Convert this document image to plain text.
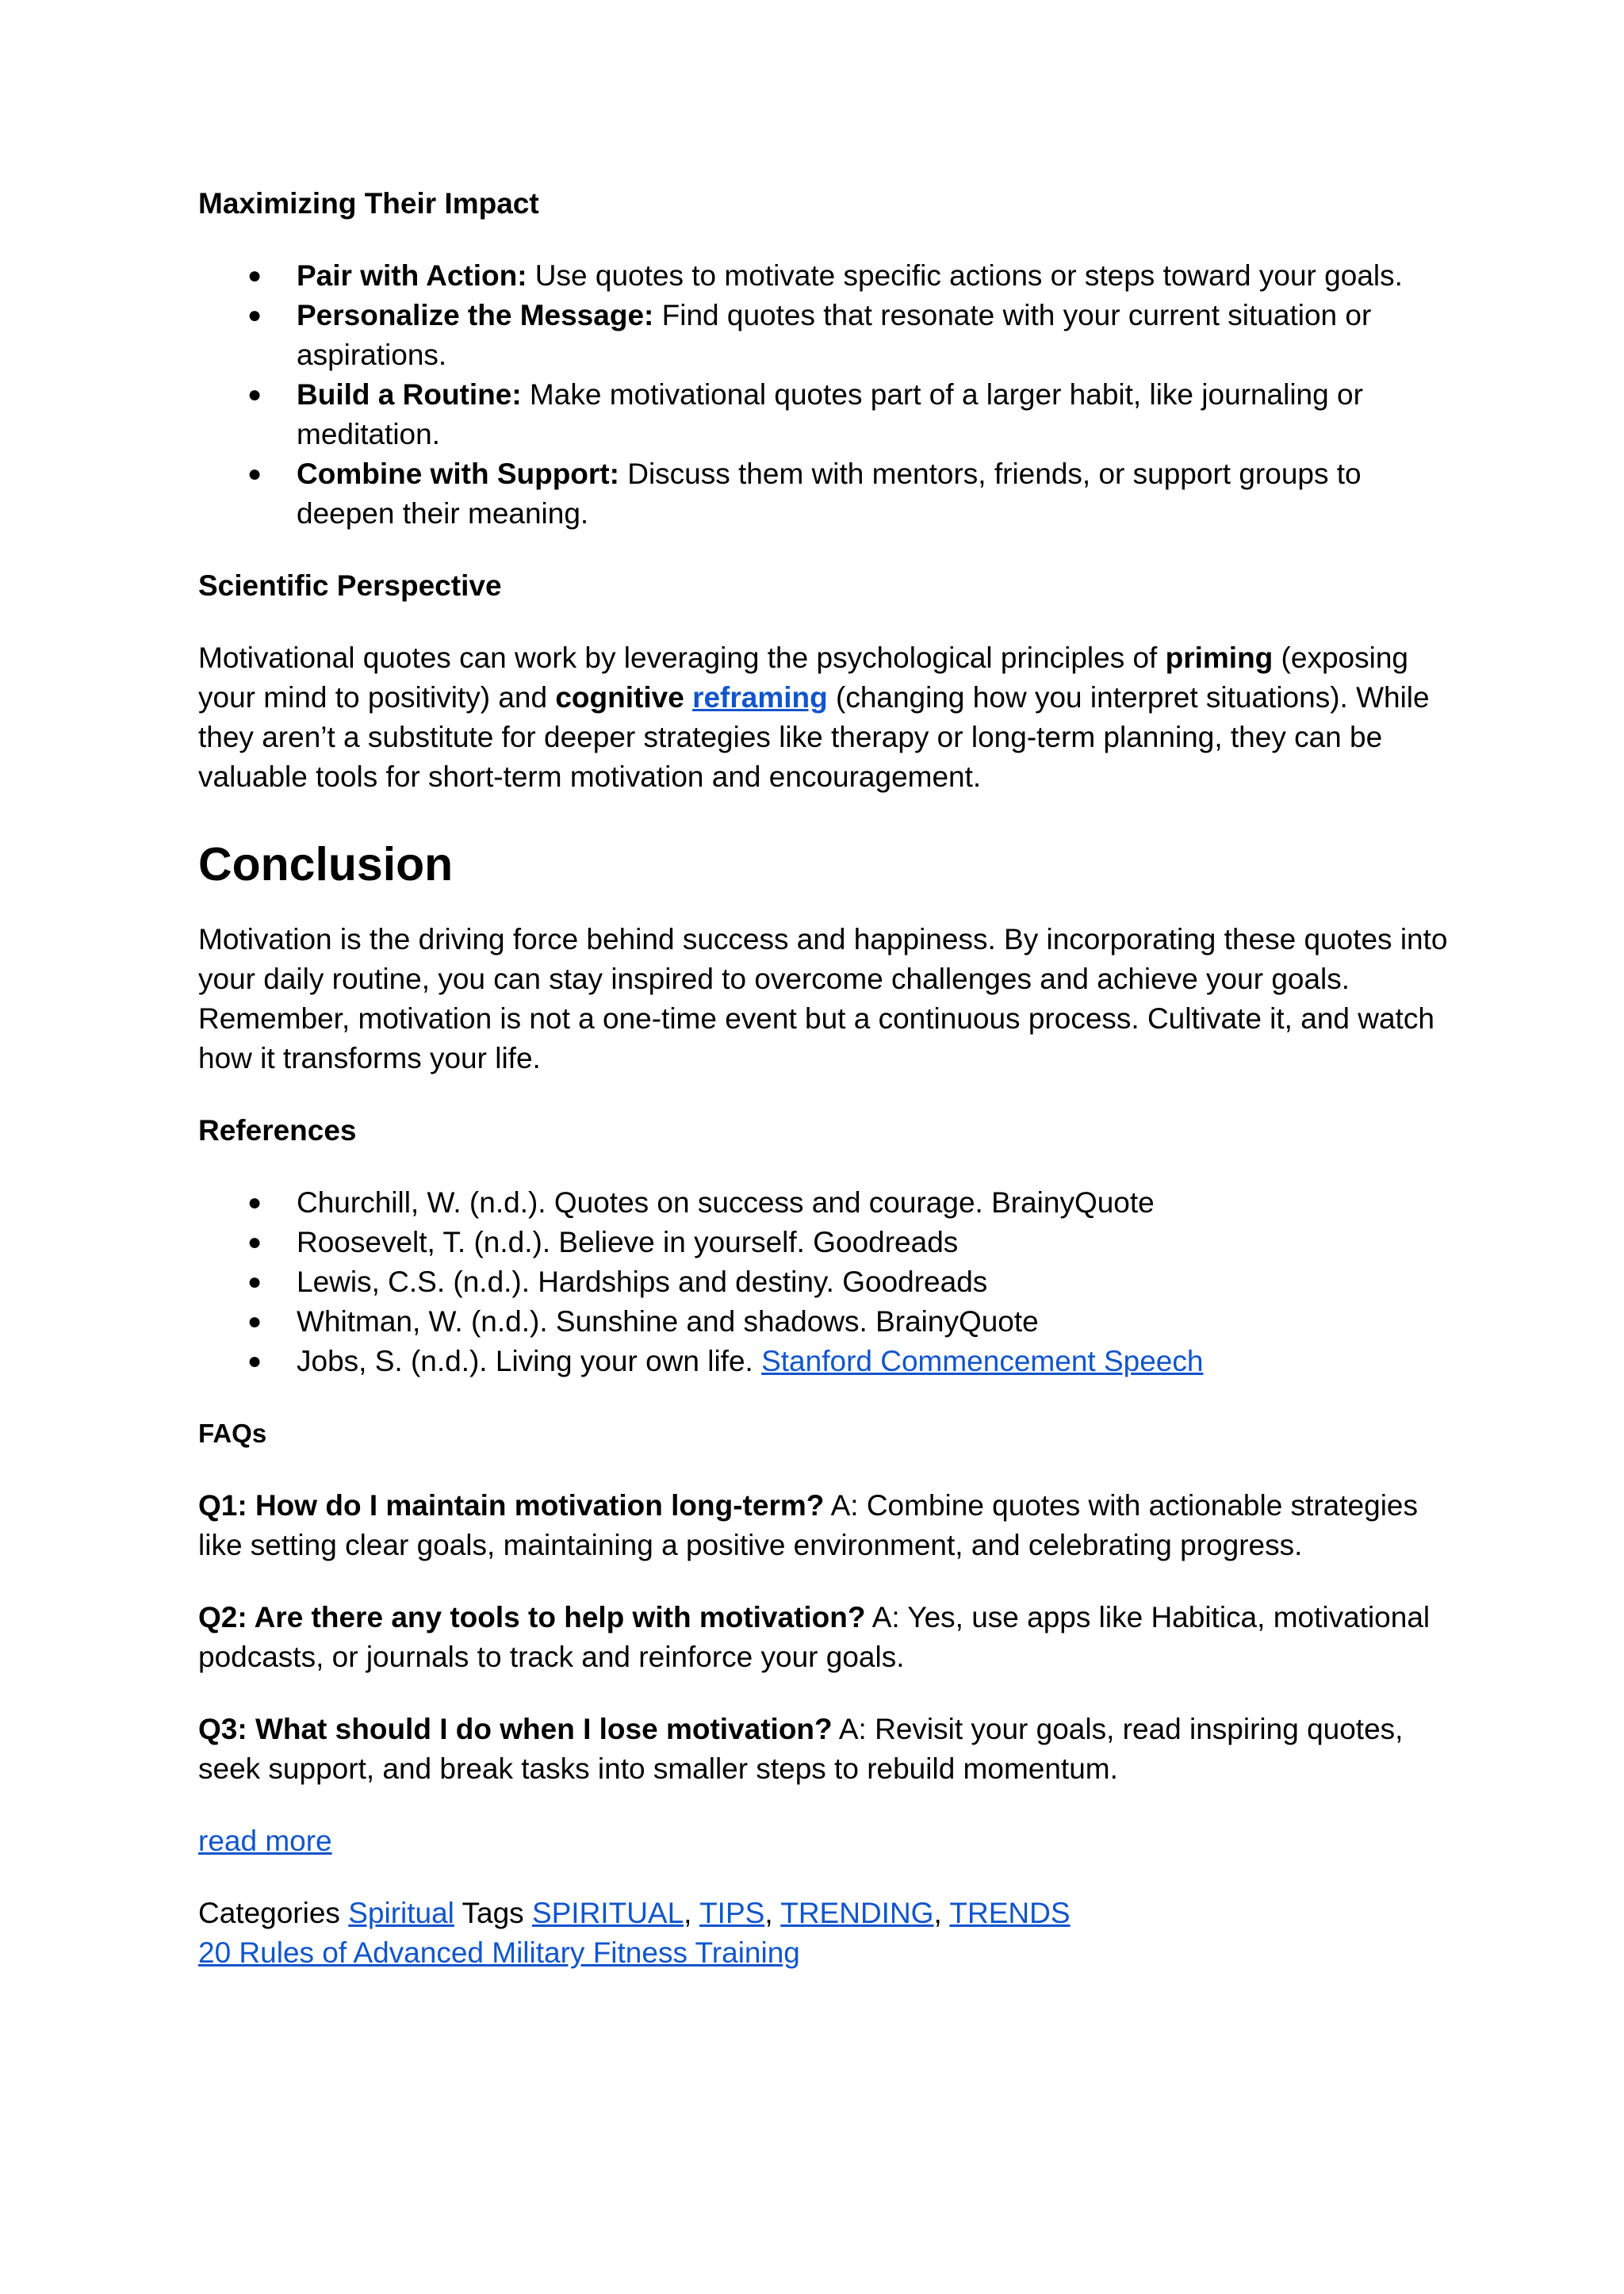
Maximizing Their Impact

● Pair with Action: Use quotes to motivate specific actions or steps toward your goals.
● Personalize the Message: Find quotes that resonate with your current situation or aspirations.
● Build a Routine: Make motivational quotes part of a larger habit, like journaling or meditation.
● Combine with Support: Discuss them with mentors, friends, or support groups to deepen their meaning.

Scientific Perspective

Motivational quotes can work by leveraging the psychological principles of priming (exposing your mind to positivity) and cognitive reframing (changing how you interpret situations). While they aren’t a substitute for deeper strategies like therapy or long-term planning, they can be valuable tools for short-term motivation and encouragement.

Conclusion

Motivation is the driving force behind success and happiness. By incorporating these quotes into your daily routine, you can stay inspired to overcome challenges and achieve your goals. Remember, motivation is not a one-time event but a continuous process. Cultivate it, and watch how it transforms your life.

References

● Churchill, W. (n.d.). Quotes on success and courage. BrainyQuote
● Roosevelt, T. (n.d.). Believe in yourself. Goodreads
● Lewis, C.S. (n.d.). Hardships and destiny. Goodreads
● Whitman, W. (n.d.). Sunshine and shadows. BrainyQuote
● Jobs, S. (n.d.). Living your own life. Stanford Commencement Speech

FAQs

Q1: How do I maintain motivation long-term? A: Combine quotes with actionable strategies like setting clear goals, maintaining a positive environment, and celebrating progress.

Q2: Are there any tools to help with motivation? A: Yes, use apps like Habitica, motivational podcasts, or journals to track and reinforce your goals.

Q3: What should I do when I lose motivation? A: Revisit your goals, read inspiring quotes, seek support, and break tasks into smaller steps to rebuild momentum.

read more

Categories Spiritual Tags SPIRITUAL, TIPS, TRENDING, TRENDS

20 Rules of Advanced Military Fitness Training
